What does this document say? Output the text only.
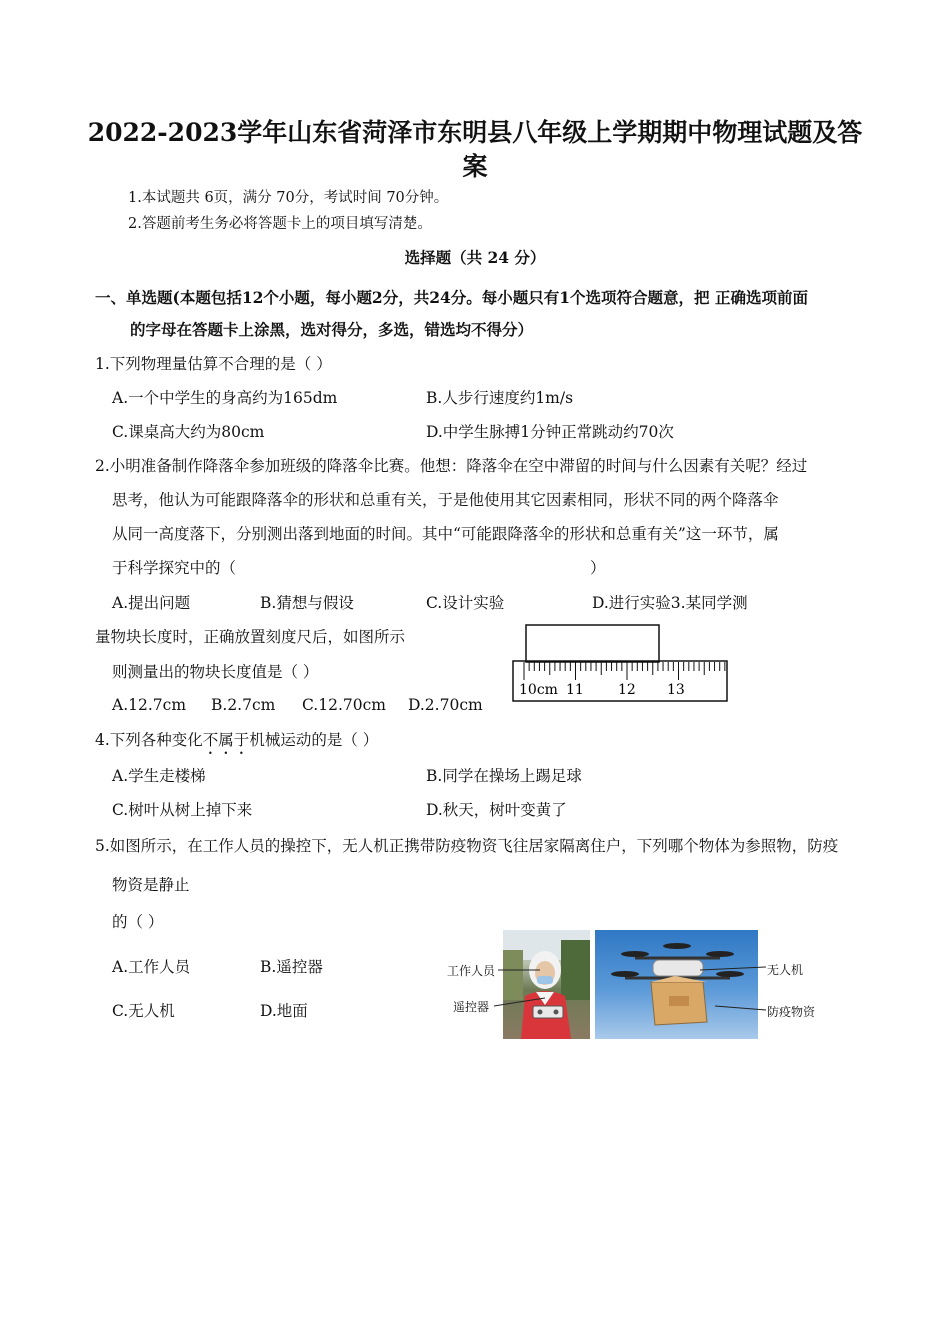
2022-2023学年山东省菏泽市东明县八年级上学期期中物理试题及答
案
1.本试题共 6页，满分 70分，考试时间 70分钟。
2.答题前考生务必将答题卡上的项目填写清楚。
选择题（共 24 分）
一、单选题(本题包括12个小题，每小题2分，共24分。每小题只有1个选项符合题意，把 正确选项前面
的字母在答题卡上涂黑，选对得分，多选，错选均不得分）
1.下列物理量估算不合理的是（ ）
A.一个中学生的身高约为165dm	B.人步行速度约1m/s
C.课桌高大约为80cm	D.中学生脉搏1分钟正常跳动约70次
2.小明准备制作降落伞参加班级的降落伞比赛。他想：降落伞在空中滞留的时间与什么因素有关呢？经过
思考，他认为可能跟降落伞的形状和总重有关，于是他使用其它因素相同，形状不同的两个降落伞
从同一高度落下，分别测出落到地面的时间。其中“可能跟降落伞的形状和总重有关”这一环节，属
于科学探究中的（	）
A.提出问题	B.猜想与假设	C.设计实验	D.进行实验3.某同学测
量物块长度时，正确放置刻度尺后，如图所示
则测量出的物块长度值是（ ）
A.12.7cm B.2.7cm C.12.70cm D.2.70cm
10cm 11 12 13
4.下列各种变化不属于机械运动的是（ ）
A.学生走楼梯	B.同学在操场上踢足球
C.树叶从树上掉下来	D.秋天，树叶变黄了
5.如图所示，在工作人员的操控下，无人机正携带防疫物资飞往居家隔离住户，下列哪个物体为参照物，防疫
物资是静止
的（ ）
A.工作人员	B.遥控器
C.无人机	D.地面
工作人员
遥控器
无人机
防疫物资
